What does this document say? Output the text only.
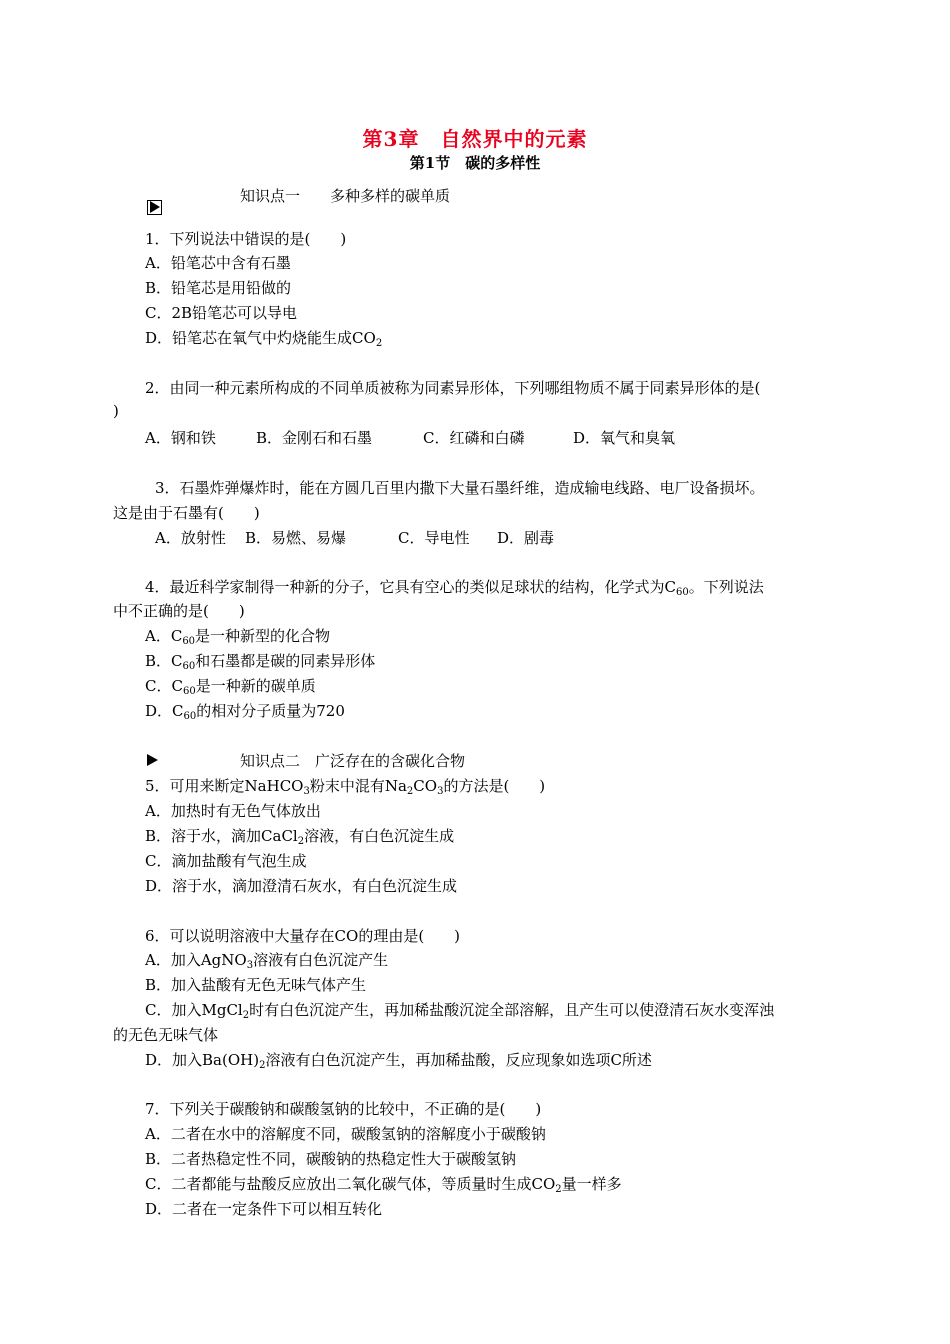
第3章　自然界中的元素
第1节　碳的多样性
知识点一　　多种多样的碳单质
1．下列说法中错误的是(　　)
A．铅笔芯中含有石墨
B．铅笔芯是用铅做的
C．2B铅笔芯可以导电
D．铅笔芯在氧气中灼烧能生成$CO_2$
2．由同一种元素所构成的不同单质被称为同素异形体，下列哪组物质不属于同素异形体的是(
)
A．钢和铁	B．金刚石和石墨	C．红磷和白磷	D．氧气和臭氧
3．石墨炸弹爆炸时，能在方圆几百里内撒下大量石墨纤维，造成输电线路、电厂设备损坏。
这是由于石墨有(　　)
A．放射性 B．易燃、易爆	C．导电性 D．剧毒
4．最近科学家制得一种新的分子，它具有空心的类似足球状的结构，化学式为$C_{60}$。下列说法
中不正确的是(　　)
A．$C_{60}$是一种新型的化合物
B．$C_{60}$和石墨都是碳的同素异形体
C．$C_{60}$是一种新的碳单质
D．$C_{60}$的相对分子质量为720
知识点二　广泛存在的含碳化合物
5．可用来断定NaHCO$_3$粉末中混有$Na_2CO_3$的方法是(　　)
A．加热时有无色气体放出
B．溶于水，滴加CaCl$_2$溶液，有白色沉淀生成
C．滴加盐酸有气泡生成
D．溶于水，滴加澄清石灰水，有白色沉淀生成
6．可以说明溶液中大量存在CO的理由是(　　)
A．加入AgNO$_3$溶液有白色沉淀产生
B．加入盐酸有无色无味气体产生
C．加入MgCl$_2$时有白色沉淀产生，再加稀盐酸沉淀全部溶解，且产生可以使澄清石灰水变浑浊
的无色无味气体
D．加入$Ba(OH)_2$溶液有白色沉淀产生，再加稀盐酸，反应现象如选项C所述
7．下列关于碳酸钠和碳酸氢钠的比较中，不正确的是(　　)
A．二者在水中的溶解度不同，碳酸氢钠的溶解度小于碳酸钠
B．二者热稳定性不同，碳酸钠的热稳定性大于碳酸氢钠
C．二者都能与盐酸反应放出二氧化碳气体，等质量时生成$CO_2$量一样多
D．二者在一定条件下可以相互转化
